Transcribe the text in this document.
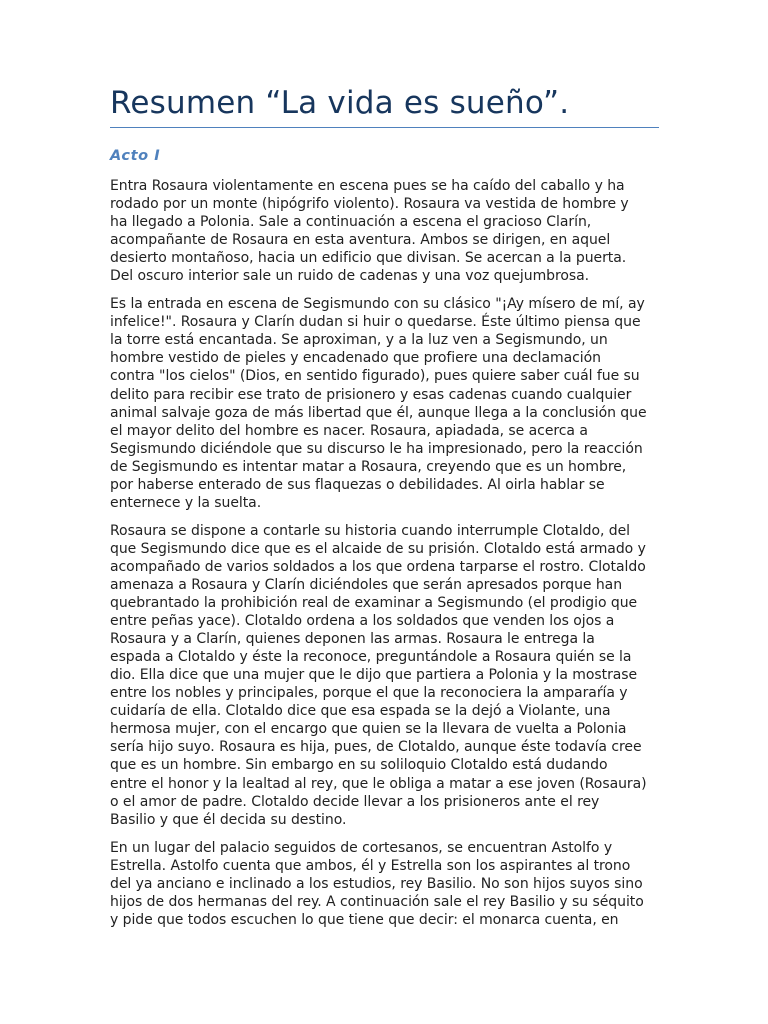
Resumen “La vida es sueño”.
Acto I

Entra Rosaura violentamente en escena pues se ha caído del caballo y ha
rodado por un monte (hipógrifo violento). Rosaura va vestida de hombre y
ha llegado a Polonia. Sale a continuación a escena el gracioso Clarín,
acompañante de Rosaura en esta aventura. Ambos se dirigen, en aquel
desierto montañoso, hacia un edificio que divisan. Se acercan a la puerta.
Del oscuro interior sale un ruido de cadenas y una voz quejumbrosa.

Es la entrada en escena de Segismundo con su clásico "¡Ay mísero de mí, ay
infelice!". Rosaura y Clarín dudan si huir o quedarse. Éste último piensa que
la torre está encantada. Se aproximan, y a la luz ven a Segismundo, un
hombre vestido de pieles y encadenado que profiere una declamación
contra "los cielos" (Dios, en sentido figurado), pues quiere saber cuál fue su
delito para recibir ese trato de prisionero y esas cadenas cuando cualquier
animal salvaje goza de más libertad que él, aunque llega a la conclusión que
el mayor delito del hombre es nacer. Rosaura, apiadada, se acerca a
Segismundo diciéndole que su discurso le ha impresionado, pero la reacción
de Segismundo es intentar matar a Rosaura, creyendo que es un hombre,
por haberse enterado de sus flaquezas o debilidades. Al oirla hablar se
enternece y la suelta.

Rosaura se dispone a contarle su historia cuando interrumple Clotaldo, del
que Segismundo dice que es el alcaide de su prisión. Clotaldo está armado y
acompañado de varios soldados a los que ordena tarparse el rostro. Clotaldo
amenaza a Rosaura y Clarín diciéndoles que serán apresados porque han
quebrantado la prohibición real de examinar a Segismundo (el prodigio que
entre peñas yace). Clotaldo ordena a los soldados que venden los ojos a
Rosaura y a Clarín, quienes deponen las armas. Rosaura le entrega la
espada a Clotaldo y éste la reconoce, preguntándole a Rosaura quién se la
dio. Ella dice que una mujer que le dijo que partiera a Polonia y la mostrase
entre los nobles y principales, porque el que la reconociera la amparaŕía y
cuidaría de ella. Clotaldo dice que esa espada se la dejó a Violante, una
hermosa mujer, con el encargo que quien se la llevara de vuelta a Polonia
sería hijo suyo. Rosaura es hija, pues, de Clotaldo, aunque éste todavía cree
que es un hombre. Sin embargo en su soliloquio Clotaldo está dudando
entre el honor y la lealtad al rey, que le obliga a matar a ese joven (Rosaura)
o el amor de padre. Clotaldo decide llevar a los prisioneros ante el rey
Basilio y que él decida su destino.

En un lugar del palacio seguidos de cortesanos, se encuentran Astolfo y
Estrella. Astolfo cuenta que ambos, él y Estrella son los aspirantes al trono
del ya anciano e inclinado a los estudios, rey Basilio. No son hijos suyos sino
hijos de dos hermanas del rey. A continuación sale el rey Basilio y su séquito
y pide que todos escuchen lo que tiene que decir: el monarca cuenta, en
